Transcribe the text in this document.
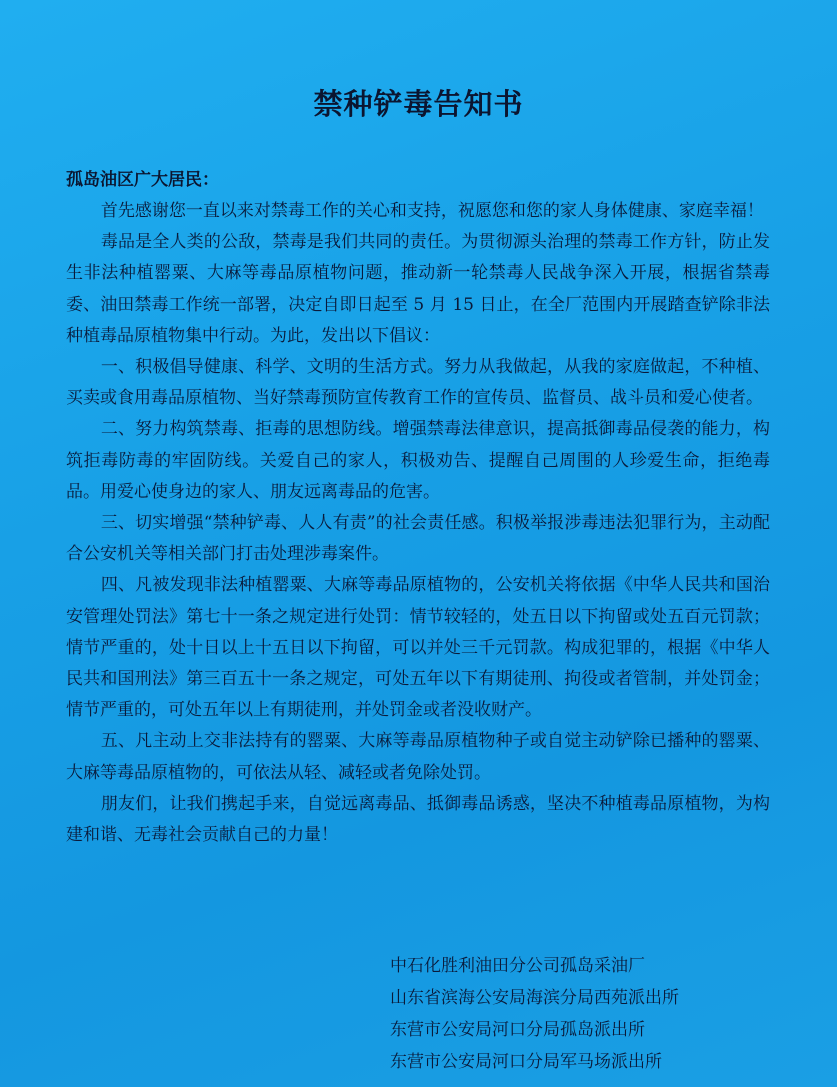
禁种铲毒告知书
孤岛油区广大居民：

首先感谢您一直以来对禁毒工作的关心和支持，祝愿您和您的家人身体健康、家庭幸福！

毒品是全人类的公敌，禁毒是我们共同的责任。为贯彻源头治理的禁毒工作方针，防止发生非法种植罂粟、大麻等毒品原植物问题，推动新一轮禁毒人民战争深入开展，根据省禁毒委、油田禁毒工作统一部署，决定自即日起至 5 月 15 日止，在全厂范围内开展踏查铲除非法种植毒品原植物集中行动。为此，发出以下倡议：

一、积极倡导健康、科学、文明的生活方式。努力从我做起，从我的家庭做起，不种植、买卖或食用毒品原植物、当好禁毒预防宣传教育工作的宣传员、监督员、战斗员和爱心使者。

二、努力构筑禁毒、拒毒的思想防线。增强禁毒法律意识，提高抵御毒品侵袭的能力，构筑拒毒防毒的牢固防线。关爱自己的家人，积极劝告、提醒自己周围的人珍爱生命，拒绝毒品。用爱心使身边的家人、朋友远离毒品的危害。

三、切实增强“禁种铲毒、人人有责”的社会责任感。积极举报涉毒违法犯罪行为，主动配合公安机关等相关部门打击处理涉毒案件。

四、凡被发现非法种植罂粟、大麻等毒品原植物的，公安机关将依据《中华人民共和国治安管理处罚法》第七十一条之规定进行处罚：情节较轻的，处五日以下拘留或处五百元罚款；情节严重的，处十日以上十五日以下拘留，可以并处三千元罚款。构成犯罪的，根据《中华人民共和国刑法》第三百五十一条之规定，可处五年以下有期徒刑、拘役或者管制，并处罚金；情节严重的，可处五年以上有期徒刑，并处罚金或者没收财产。

五、凡主动上交非法持有的罂粟、大麻等毒品原植物种子或自觉主动铲除已播种的罂粟、大麻等毒品原植物的，可依法从轻、减轻或者免除处罚。

朋友们，让我们携起手来，自觉远离毒品、抵御毒品诱惑，坚决不种植毒品原植物，为构建和谐、无毒社会贡献自己的力量！

中石化胜利油田分公司孤岛采油厂
山东省滨海公安局海滨分局西苑派出所
东营市公安局河口分局孤岛派出所
东营市公安局河口分局军马场派出所
